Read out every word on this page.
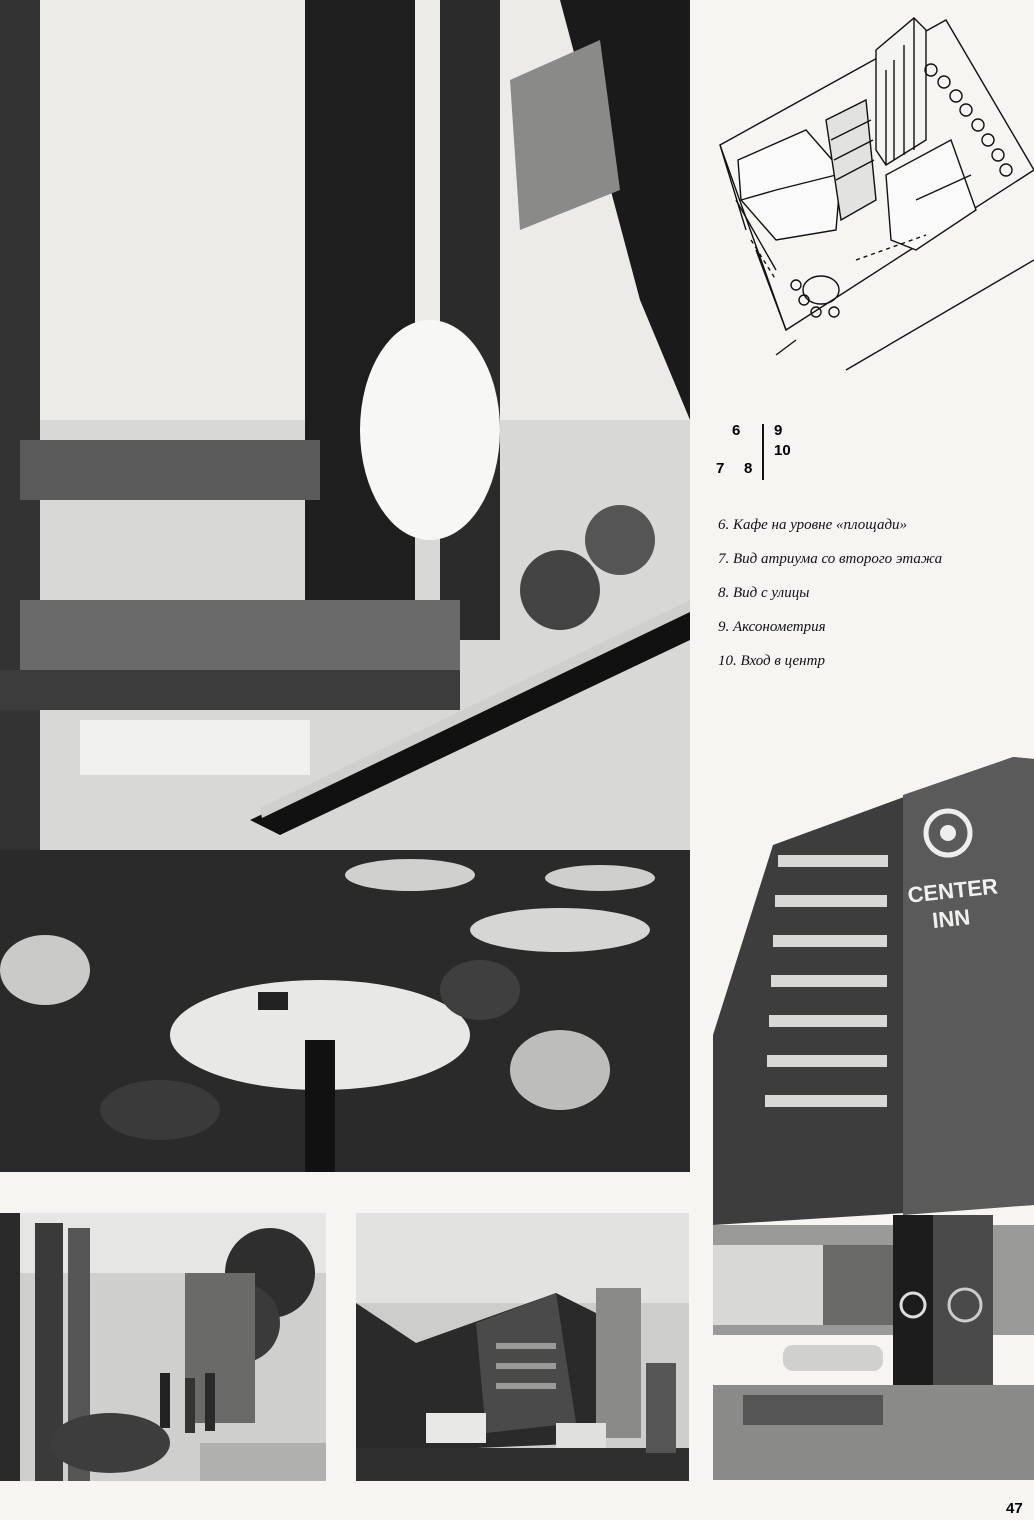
6
7 8
9
10
6. Кафе на уровне «площади»
7. Вид атриума со второго этажа
8. Вид с улицы
9. Аксонометрия
10. Вход в центр
CENTER
INN
47
